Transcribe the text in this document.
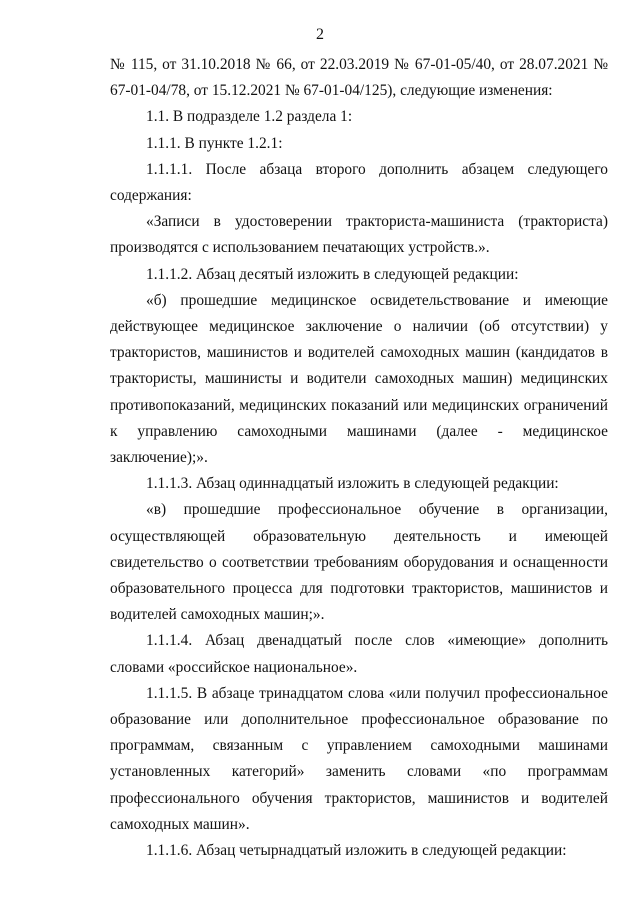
2

№ 115, от 31.10.2018 № 66, от 22.03.2019 № 67-01-05/40, от 28.07.2021 № 67-01-04/78, от 15.12.2021 № 67-01-04/125), следующие изменения:

1.1. В подразделе 1.2 раздела 1:

1.1.1. В пункте 1.2.1:

1.1.1.1. После абзаца второго дополнить абзацем следующего содержания:

«Записи в удостоверении тракториста-машиниста (тракториста) производятся с использованием печатающих устройств.».

1.1.1.2. Абзац десятый изложить в следующей редакции:

«б) прошедшие медицинское освидетельствование и имеющие действующее медицинское заключение о наличии (об отсутствии) у трактористов, машинистов и водителей самоходных машин (кандидатов в трактористы, машинисты и водители самоходных машин) медицинских противопоказаний, медицинских показаний или медицинских ограничений к управлению самоходными машинами (далее - медицинское заключение);».

1.1.1.3. Абзац одиннадцатый изложить в следующей редакции:

«в) прошедшие профессиональное обучение в организации, осуществляющей образовательную деятельность и имеющей свидетельство о соответствии требованиям оборудования и оснащенности образовательного процесса для подготовки трактористов, машинистов и водителей самоходных машин;».

1.1.1.4. Абзац двенадцатый после слов «имеющие» дополнить словами «российское национальное».

1.1.1.5. В абзаце тринадцатом слова «или получил профессиональное образование или дополнительное профессиональное образование по программам, связанным с управлением самоходными машинами установленных категорий» заменить словами «по программам профессионального обучения трактористов, машинистов и водителей самоходных машин».

1.1.1.6. Абзац четырнадцатый изложить в следующей редакции:
